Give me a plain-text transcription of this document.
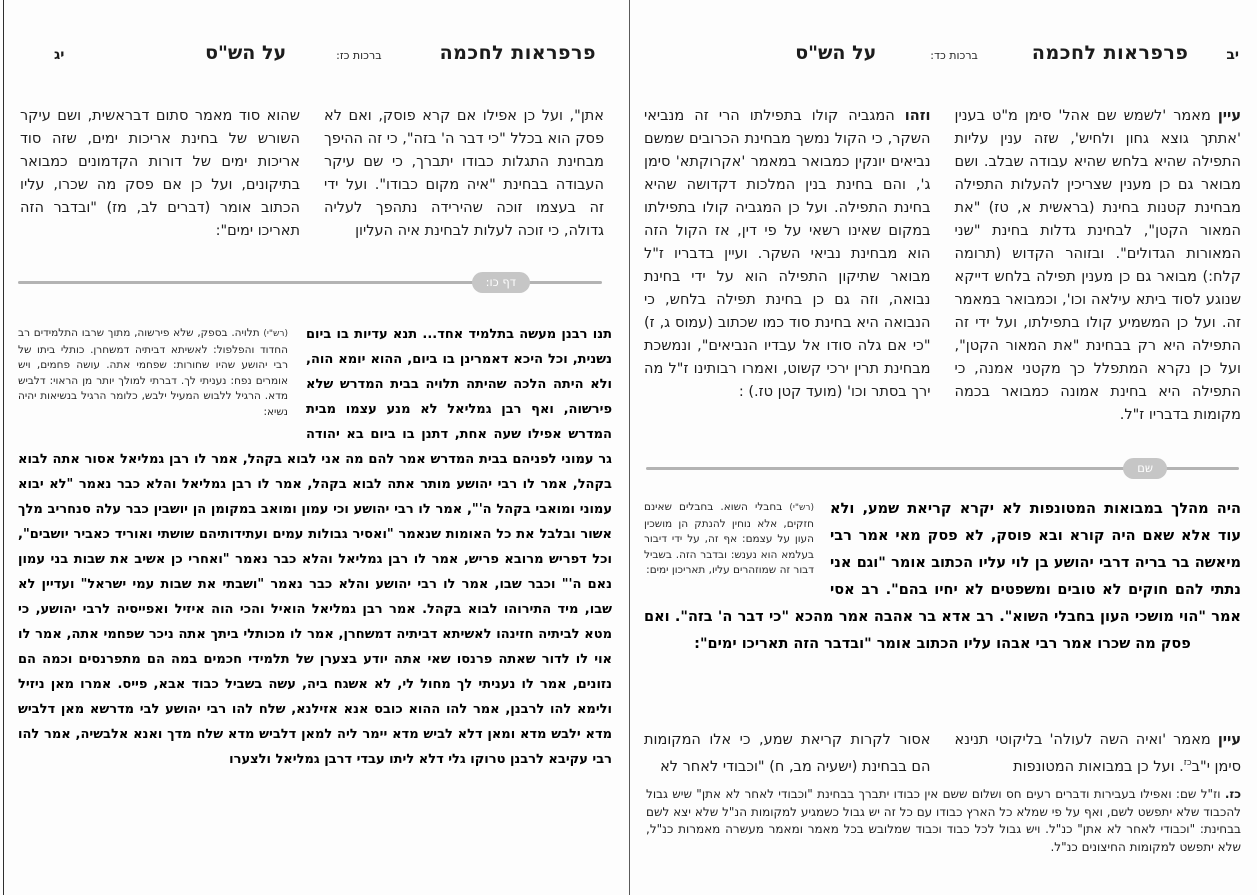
יב
פרפראות לחכמה
ברכות כד:
על הש"ס

עיין מאמר 'לשמש שם אהל' סימן מ"ט בענין 'אתתך גוצא גחון ולחיש', שזה ענין עליות התפילה שהיא בלחש שהיא עבודה שבלב. ושם מבואר גם כן מענין שצריכין להעלות התפילה מבחינת קטנות בחינת (בראשית א, טז) "את המאור הקטן", לבחינת גדלות בחינת "שני המאורות הגדולים". ובזוהר הקדוש (תרומה קלח:) מבואר גם כן מענין תפילה בלחש דייקא שנוגע לסוד ביתא עילאה וכו', וכמבואר במאמר זה. ועל כן המשמיע קולו בתפילתו, ועל ידי זה התפילה היא רק בבחינת "את המאור הקטן", ועל כן נקרא המתפלל כך מקטני אמנה, כי התפילה היא בחינת אמונה כמבואר בכמה מקומות בדבריו ז"ל.

וזהו המגביה קולו בתפילתו הרי זה מנביאי השקר, כי הקול נמשך מבחינת הכרובים שמשם נביאים יונקין כמבואר במאמר 'אקרוקתא' סימן ג', והם בחינת בנין המלכות דקדושה שהיא בחינת התפילה. ועל כן המגביה קולו בתפילתו במקום שאינו רשאי על פי דין, אז הקול הזה הוא מבחינת נביאי השקר. ועיין בדבריו ז"ל מבואר שתיקון התפילה הוא על ידי בחינת נבואה, וזה גם כן בחינת תפילה בלחש, כי הנבואה היא בחינת סוד כמו שכתוב (עמוס ג, ז) "כי אם גלה סודו אל עבדיו הנביאים", ונמשכת מבחינת תרין ירכי קשוט, ואמרו רבותינו ז"ל מה ירך בסתר וכו' (מועד קטן טז.) :

שם
(רש"י) בחבלי השוא. בחבלים שאינם חזקים, אלא נוחין להנתק הן מושכין העון על עצמם: אף זה, על ידי דיבור בעלמא הוא נענש: ובדבר הזה. בשביל דבור זה שמוזהרים עליו, תאריכון ימים:

היה מהלך במבואות המטונפות לא יקרא קריאת שמע, ולא עוד אלא שאם היה קורא ובא פוסק, לא פסק מאי אמר רבי מיאשה בר בריה דרבי יהושע בן לוי עליו הכתוב אומר "וגם אני נתתי להם חוקים לא טובים ומשפטים לא יחיו בהם". רב אסי אמר "הוי מושכי העון בחבלי השוא". רב אדא בר אהבה אמר מהכא "כי דבר ה' בזה". ואם פסק מה שכרו אמר רבי אבהו עליו הכתוב אומר "ובדבר הזה תאריכו ימים":

עיין מאמר 'ואיה השה לעולה' בליקוטי תנינא סימן י"ב$^{כז}$. ועל כן במבואות המטונפות

אסור לקרות קריאת שמע, כי אלו המקומות הם בבחינת (ישעיה מב, ח) "וכבודי לאחר לא

כז. וז"ל שם: ואפילו בעבירות ודברים רעים חס ושלום ששם אין כבודו יתברך בבחינת "וכבודי לאחר לא אתן" שיש גבול להכבוד שלא יתפשט לשם, ואף על פי שמלא כל הארץ כבודו עם כל זה יש גבול כשמגיע למקומות הנ"ל שלא יצא לשם בבחינת: "וכבודי לאחר לא אתן" כנ"ל. ויש גבול לכל כבוד וכבוד שמלובש בכל מאמר ומאמר מעשרה מאמרות כנ"ל, שלא יתפשט למקומות החיצונים כנ"ל.
פרפראות לחכמה
ברכות כז:
על הש"ס
יג

אתן", ועל כן אפילו אם קרא פוסק, ואם לא פסק הוא בכלל "כי דבר ה' בזה", כי זה ההיפך מבחינת התגלות כבודו יתברך, כי שם עיקר העבודה בבחינת "איה מקום כבודו". ועל ידי זה בעצמו זוכה שהירידה נתהפך לעליה גדולה, כי זוכה לעלות לבחינת איה העליון

שהוא סוד מאמר סתום דבראשית, ושם עיקר השורש של בחינת אריכות ימים, שזה סוד אריכות ימים של דורות הקדמונים כמבואר בתיקונים, ועל כן אם פסק מה שכרו, עליו הכתוב אומר (דברים לב, מז) "ובדבר הזה תאריכו ימים":

דף כו:
(רש"י) תלויה. בספק, שלא פירשוה, מתוך שרבו התלמידים רב החדוד והפלפול: לאשיתא דביתיה דמשחרן. כותלי ביתו של רבי יהושע שהיו שחורות: שפחמי אתה. עושה פחמים, ויש אומרים נפח: נעניתי לך. דברתי למולך יותר מן הראוי: דלביש מדא. הרגיל ללבוש המעיל ילבש, כלומר הרגיל בנשיאות יהיה נשיא:

תנו רבנן מעשה בתלמיד אחד... תנא עדיות בו ביום נשנית, וכל היכא דאמרינן בו ביום, ההוא יומא הוה, ולא היתה הלכה שהיתה תלויה בבית המדרש שלא פירשוה, ואף רבן גמליאל לא מנע עצמו מבית המדרש אפילו שעה אחת, דתנן בו ביום בא יהודה גר עמוני לפניהם בבית המדרש אמר להם מה אני לבוא בקהל, אמר לו רבן גמליאל אסור אתה לבוא בקהל, אמר לו רבי יהושע מותר אתה לבוא בקהל, אמר לו רבן גמליאל והלא כבר נאמר "לא יבוא עמוני ומואבי בקהל ה'", אמר לו רבי יהושע וכי עמון ומואב במקומן הן יושבין כבר עלה סנחריב מלך אשור ובלבל את כל האומות שנאמר "ואסיר גבולות עמים ועתידותיהם שושתי ואוריד כאביר יושבים", וכל דפריש מרובא פריש, אמר לו רבן גמליאל והלא כבר נאמר "ואחרי כן אשיב את שבות בני עמון נאם ה'" וכבר שבו, אמר לו רבי יהושע והלא כבר נאמר "ושבתי את שבות עמי ישראל" ועדיין לא שבו, מיד התירוהו לבוא בקהל. אמר רבן גמליאל הואיל והכי הוה איזיל ואפייסיה לרבי יהושע, כי מטא לביתיה חזינהו לאשיתא דביתיה דמשחרן, אמר לו מכותלי ביתך אתה ניכר שפחמי אתה, אמר לו אוי לו לדור שאתה פרנסו שאי אתה יודע בצערן של תלמידי חכמים במה הם מתפרנסים וכמה הם נזונים, אמר לו נעניתי לך מחול לי, לא אשגח ביה, עשה בשביל כבוד אבא, פייס. אמרו מאן ניזיל ולימא להו לרבנן, אמר להו ההוא כובס אנא אזילנא, שלח להו רבי יהושע לבי מדרשא מאן דלביש מדא ילבש מדא ומאן דלא לביש מדא יימר ליה למאן דלביש מדא שלח מדך ואנא אלבשיה, אמר להו רבי עקיבא לרבנן טרוקו גלי דלא ליתו עבדי דרבן גמליאל ולצערו
